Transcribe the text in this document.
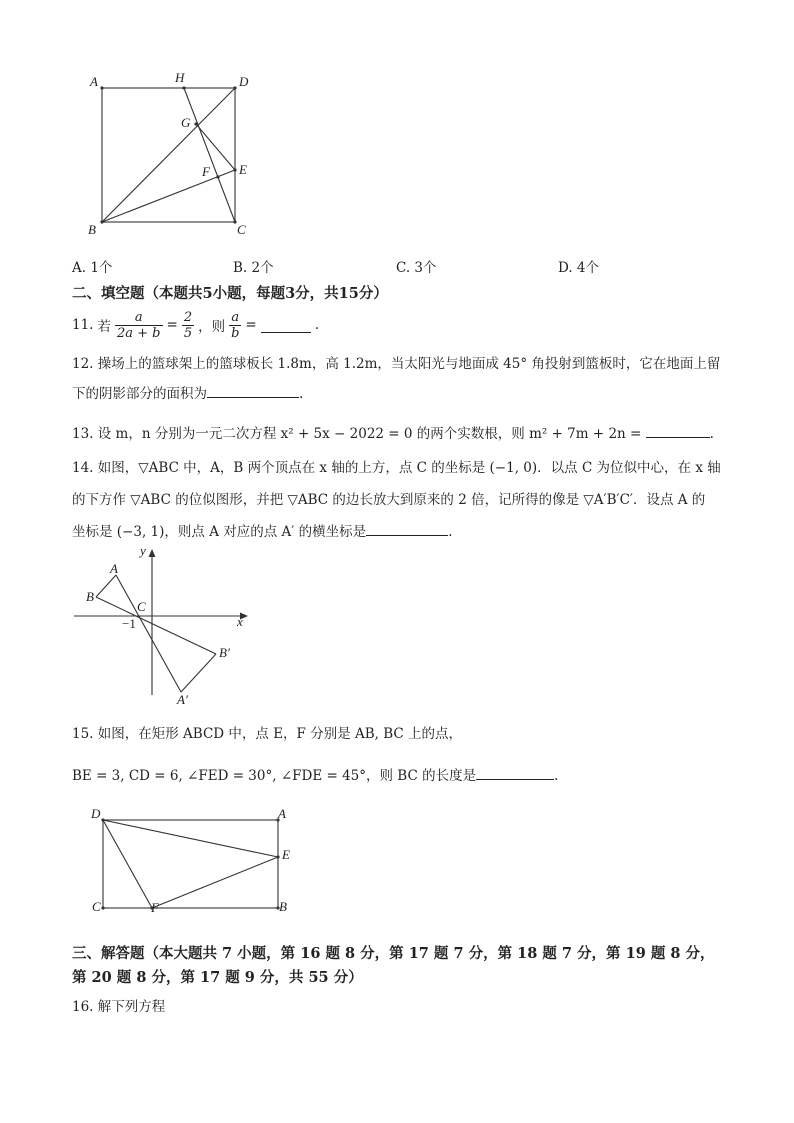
A	H	D
G
E
F
B	C
A. 1个	B. 2个	C. 3个	D. 4个
二、填空题（本题共5小题，每题3分，共15分）
11. 若 $\frac{a}{2a + b} = \frac{2}{5}$ ，则 $\frac{a}{b}$ =	.
12. 操场上的篮球架上的篮球板长 1.8m，高 1.2m，当太阳光与地面成 45° 角投射到篮板时，它在地面上留
下的阴影部分的面积为	.
13. 设 m，n 分别为一元二次方程 x² + 5x − 2022 = 0 的两个实数根，则 m² + 7m + 2n =	.
14. 如图，▽ABC 中，A，B 两个顶点在 x 轴的上方，点 C 的坐标是 (−1, 0)．以点 C 为位似中心，在 x 轴
的下方作 ▽ABC 的位似图形，并把 ▽ABC 的边长放大到原来的 2 倍，记所得的像是 ▽A′B′C′．设点 A 的
坐标是 (−3, 1)，则点 A 对应的点 A′ 的横坐标是	.
y
A
B
C
−1	x
B′
A′
15. 如图，在矩形 ABCD 中，点 E，F 分别是 AB, BC 上的点，
BE = 3, CD = 6, ∠FED = 30°, ∠FDE = 45°，则 BC 的长度是	.
D	A
E
C	F	B
三、解答题（本大题共 7 小题，第 16 题 8 分，第 17 题 7 分，第 18 题 7 分，第 19 题 8 分，
第 20 题 8 分，第 17 题 9 分，共 55 分）
16. 解下列方程
